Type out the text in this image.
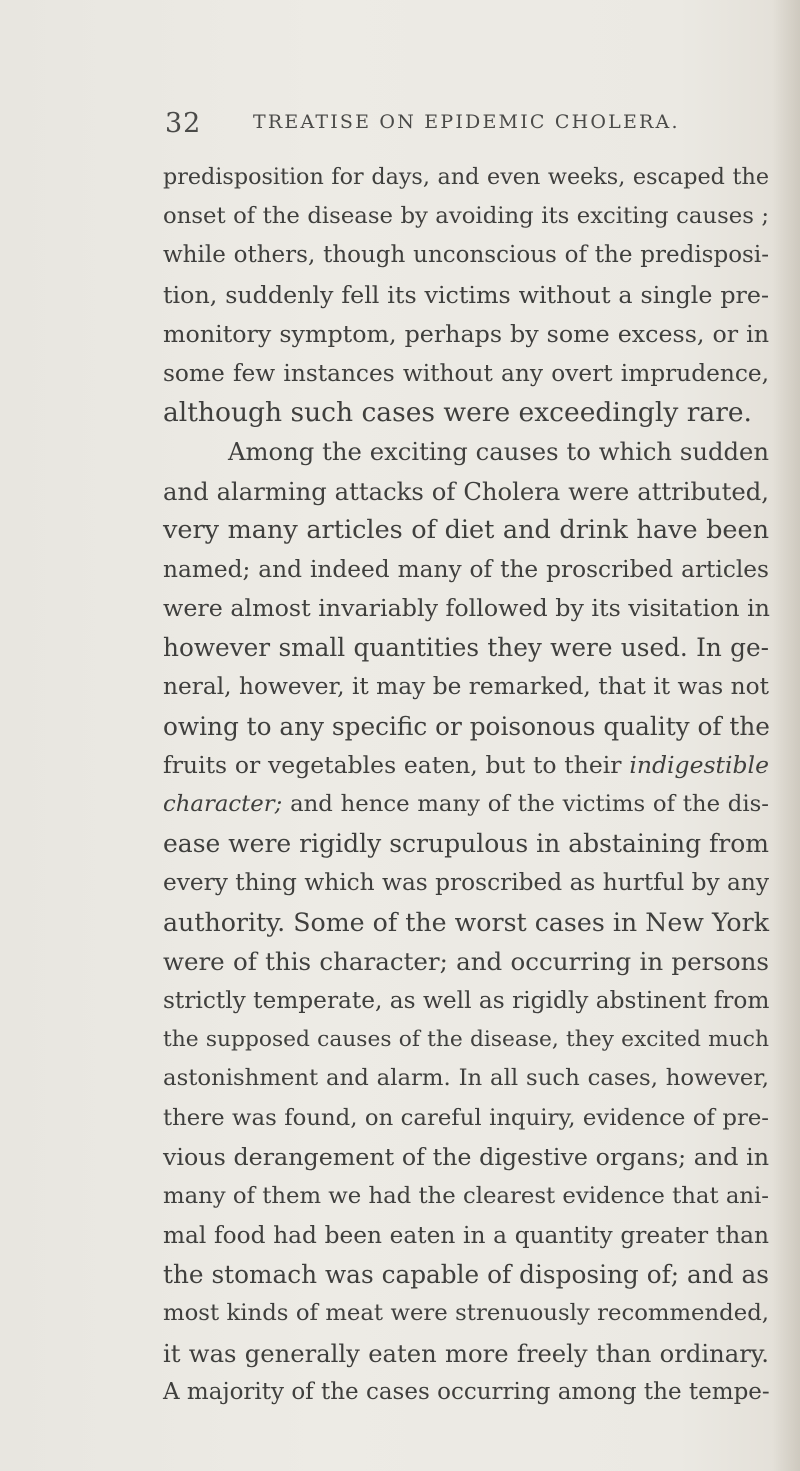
32	TREATISE ON EPIDEMIC CHOLERA.
predisposition for days, and even weeks, escaped the
onset of the disease by avoiding its exciting causes ;
while others, though unconscious of the predisposi-
tion, suddenly fell its victims without a single pre-
monitory symptom, perhaps by some excess, or in
some few instances without any overt imprudence,
although such cases were exceedingly rare.
Among the exciting causes to which sudden
and alarming attacks of Cholera were attributed,
very many articles of diet and drink have been
named; and indeed many of the proscribed articles
were almost invariably followed by its visitation in
however small quantities they were used. In ge-
neral, however, it may be remarked, that it was not
owing to any specific or poisonous quality of the
fruits or vegetables eaten, but to their indigestible
character; and hence many of the victims of the dis-
ease were rigidly scrupulous in abstaining from
every thing which was proscribed as hurtful by any
authority. Some of the worst cases in New York
were of this character; and occurring in persons
strictly temperate, as well as rigidly abstinent from
the supposed causes of the disease, they excited much
astonishment and alarm. In all such cases, however,
there was found, on careful inquiry, evidence of pre-
vious derangement of the digestive organs; and in
many of them we had the clearest evidence that ani-
mal food had been eaten in a quantity greater than
the stomach was capable of disposing of; and as
most kinds of meat were strenuously recommended,
it was generally eaten more freely than ordinary.
A majority of the cases occurring among the tempe-
